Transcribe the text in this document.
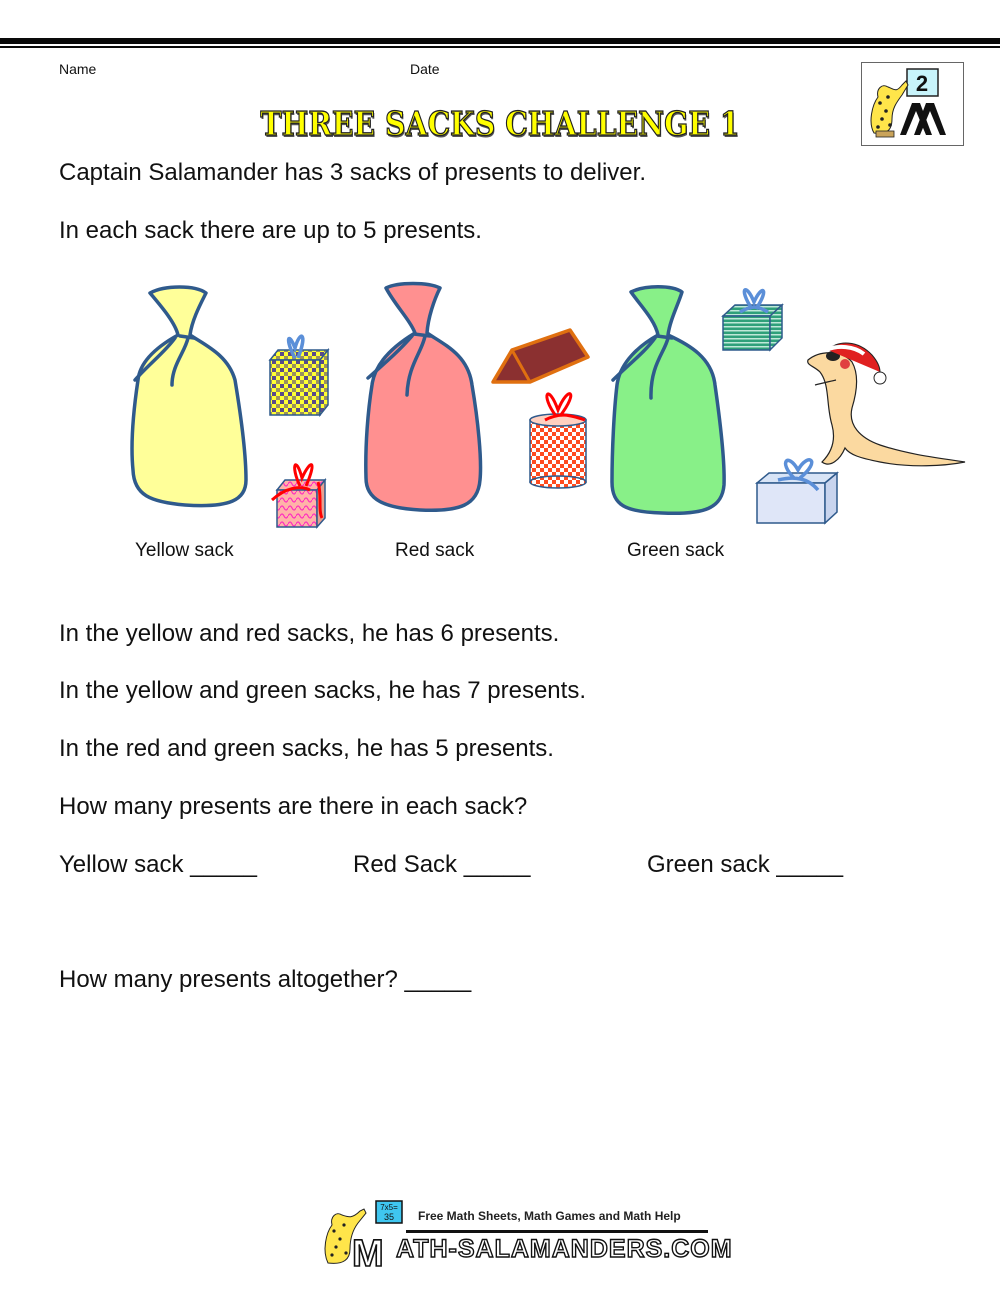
Name	Date
THREE SACKS CHALLENGE 1
2
Captain Salamander has 3 sacks of presents to deliver.
In each sack there are up to 5 presents.
Yellow sack	Red sack	Green sack
In the yellow and red sacks, he has 6 presents.
In the yellow and green sacks, he has 7 presents.
In the red and green sacks, he has 5 presents.
How many presents are there in each sack?
Yellow sack _____	Red Sack _____	Green sack _____
How many presents altogether? _____
7x5=
35
M
Free Math Sheets, Math Games and Math Help
ATH-SALAMANDERS.COM
